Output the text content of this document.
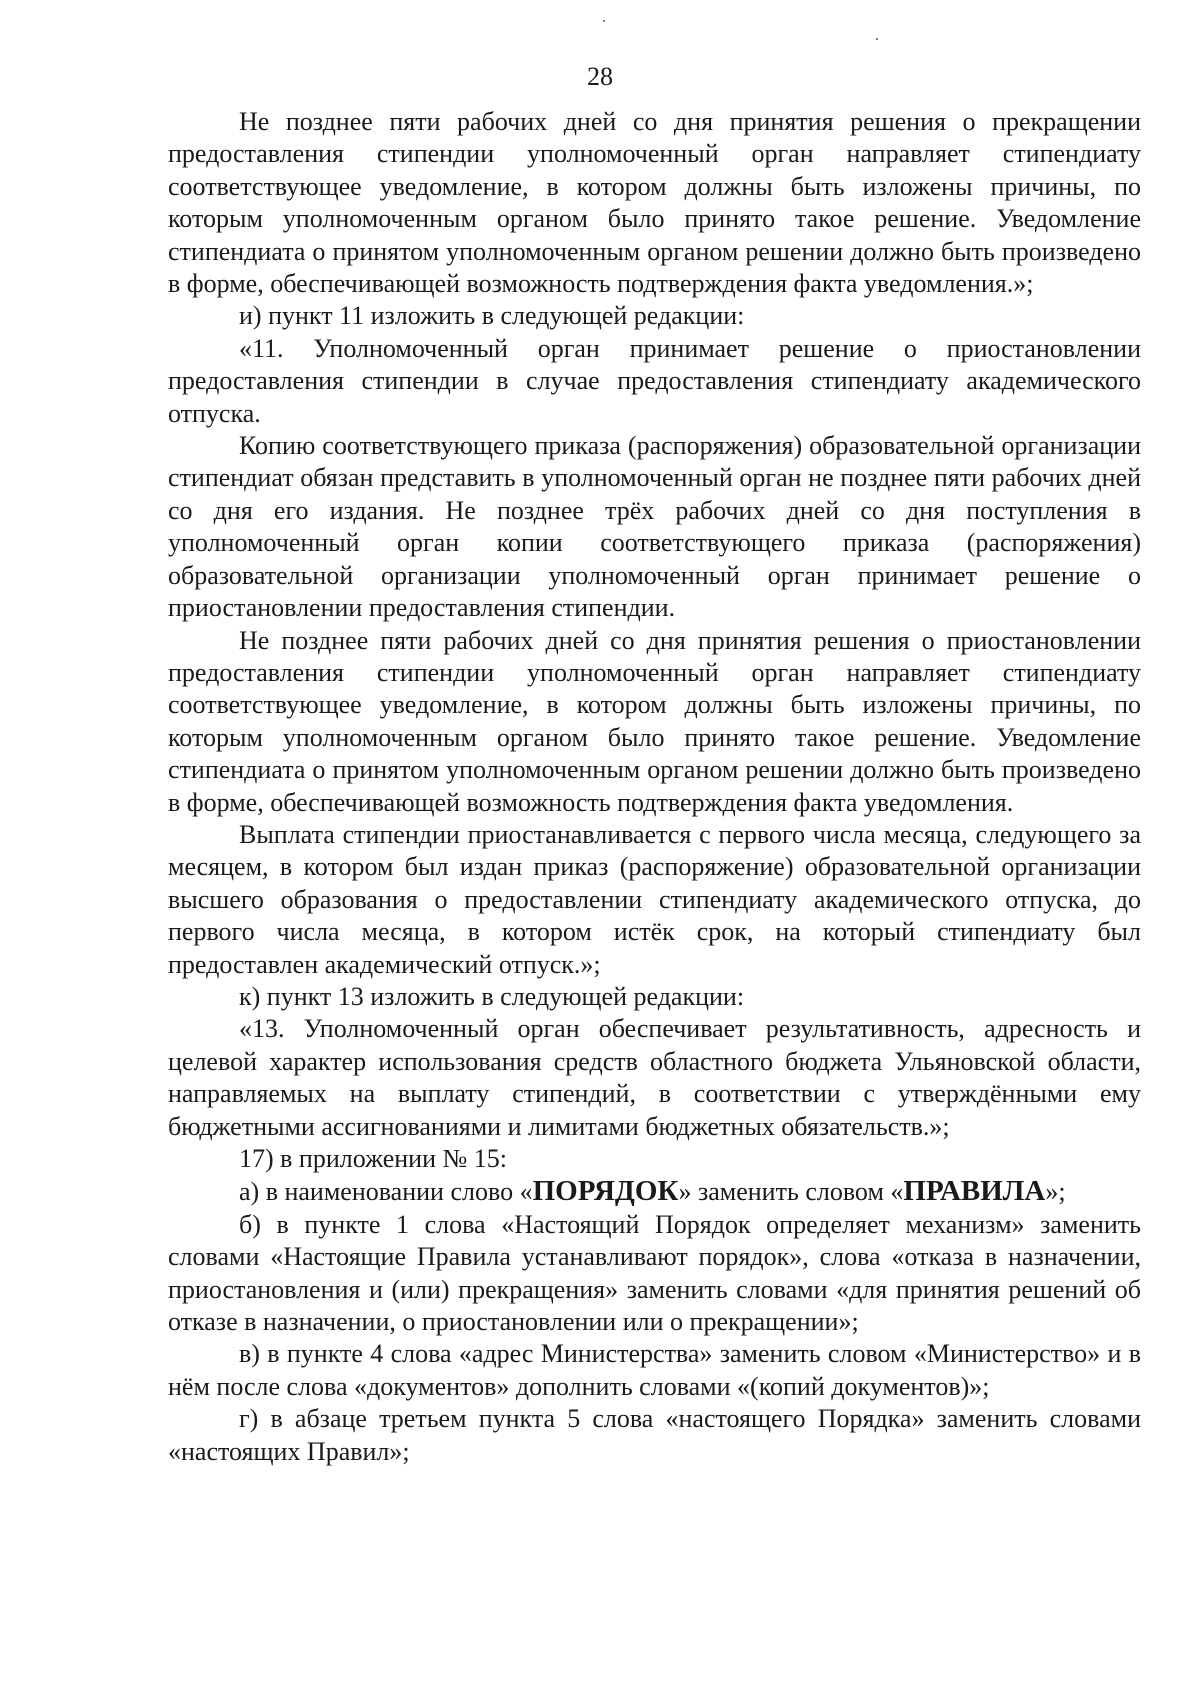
28

Не позднее пяти рабочих дней со дня принятия решения о прекращении предоставления стипендии уполномоченный орган направляет стипендиату соответствующее уведомление, в котором должны быть изложены причины, по которым уполномоченным органом было принято такое решение. Уведомление стипендиата о принятом уполномоченным органом решении должно быть произведено в форме, обеспечивающей возможность подтверждения факта уведомления.»;

и) пункт 11 изложить в следующей редакции:

«11. Уполномоченный орган принимает решение о приостановлении предоставления стипендии в случае предоставления стипендиату академического отпуска.

Копию соответствующего приказа (распоряжения) образовательной организации стипендиат обязан представить в уполномоченный орган не позднее пяти рабочих дней со дня его издания. Не позднее трёх рабочих дней со дня поступления в уполномоченный орган копии соответствующего приказа (распоряжения) образовательной организации уполномоченный орган принимает решение о приостановлении предоставления стипендии.

Не позднее пяти рабочих дней со дня принятия решения о приостановлении предоставления стипендии уполномоченный орган направляет стипендиату соответствующее уведомление, в котором должны быть изложены причины, по которым уполномоченным органом было принято такое решение. Уведомление стипендиата о принятом уполномоченным органом решении должно быть произведено в форме, обеспечивающей возможность подтверждения факта уведомления.

Выплата стипендии приостанавливается с первого числа месяца, следующего за месяцем, в котором был издан приказ (распоряжение) образовательной организации высшего образования о предоставлении стипендиату академического отпуска, до первого числа месяца, в котором истёк срок, на который стипендиату был предоставлен академический отпуск.»;

к) пункт 13 изложить в следующей редакции:

«13. Уполномоченный орган обеспечивает результативность, адресность и целевой характер использования средств областного бюджета Ульяновской области, направляемых на выплату стипендий, в соответствии с утверждёнными ему бюджетными ассигнованиями и лимитами бюджетных обязательств.»;

17) в приложении № 15:

а) в наименовании слово «ПОРЯДОК» заменить словом «ПРАВИЛА»;

б) в пункте 1 слова «Настоящий Порядок определяет механизм» заменить словами «Настоящие Правила устанавливают порядок», слова «отказа в назначении, приостановления и (или) прекращения» заменить словами «для принятия решений об отказе в назначении, о приостановлении или о прекращении»;

в) в пункте 4 слова «адрес Министерства» заменить словом «Министерство» и в нём после слова «документов» дополнить словами «(копий документов)»;

г) в абзаце третьем пункта 5 слова «настоящего Порядка» заменить словами «настоящих Правил»;
